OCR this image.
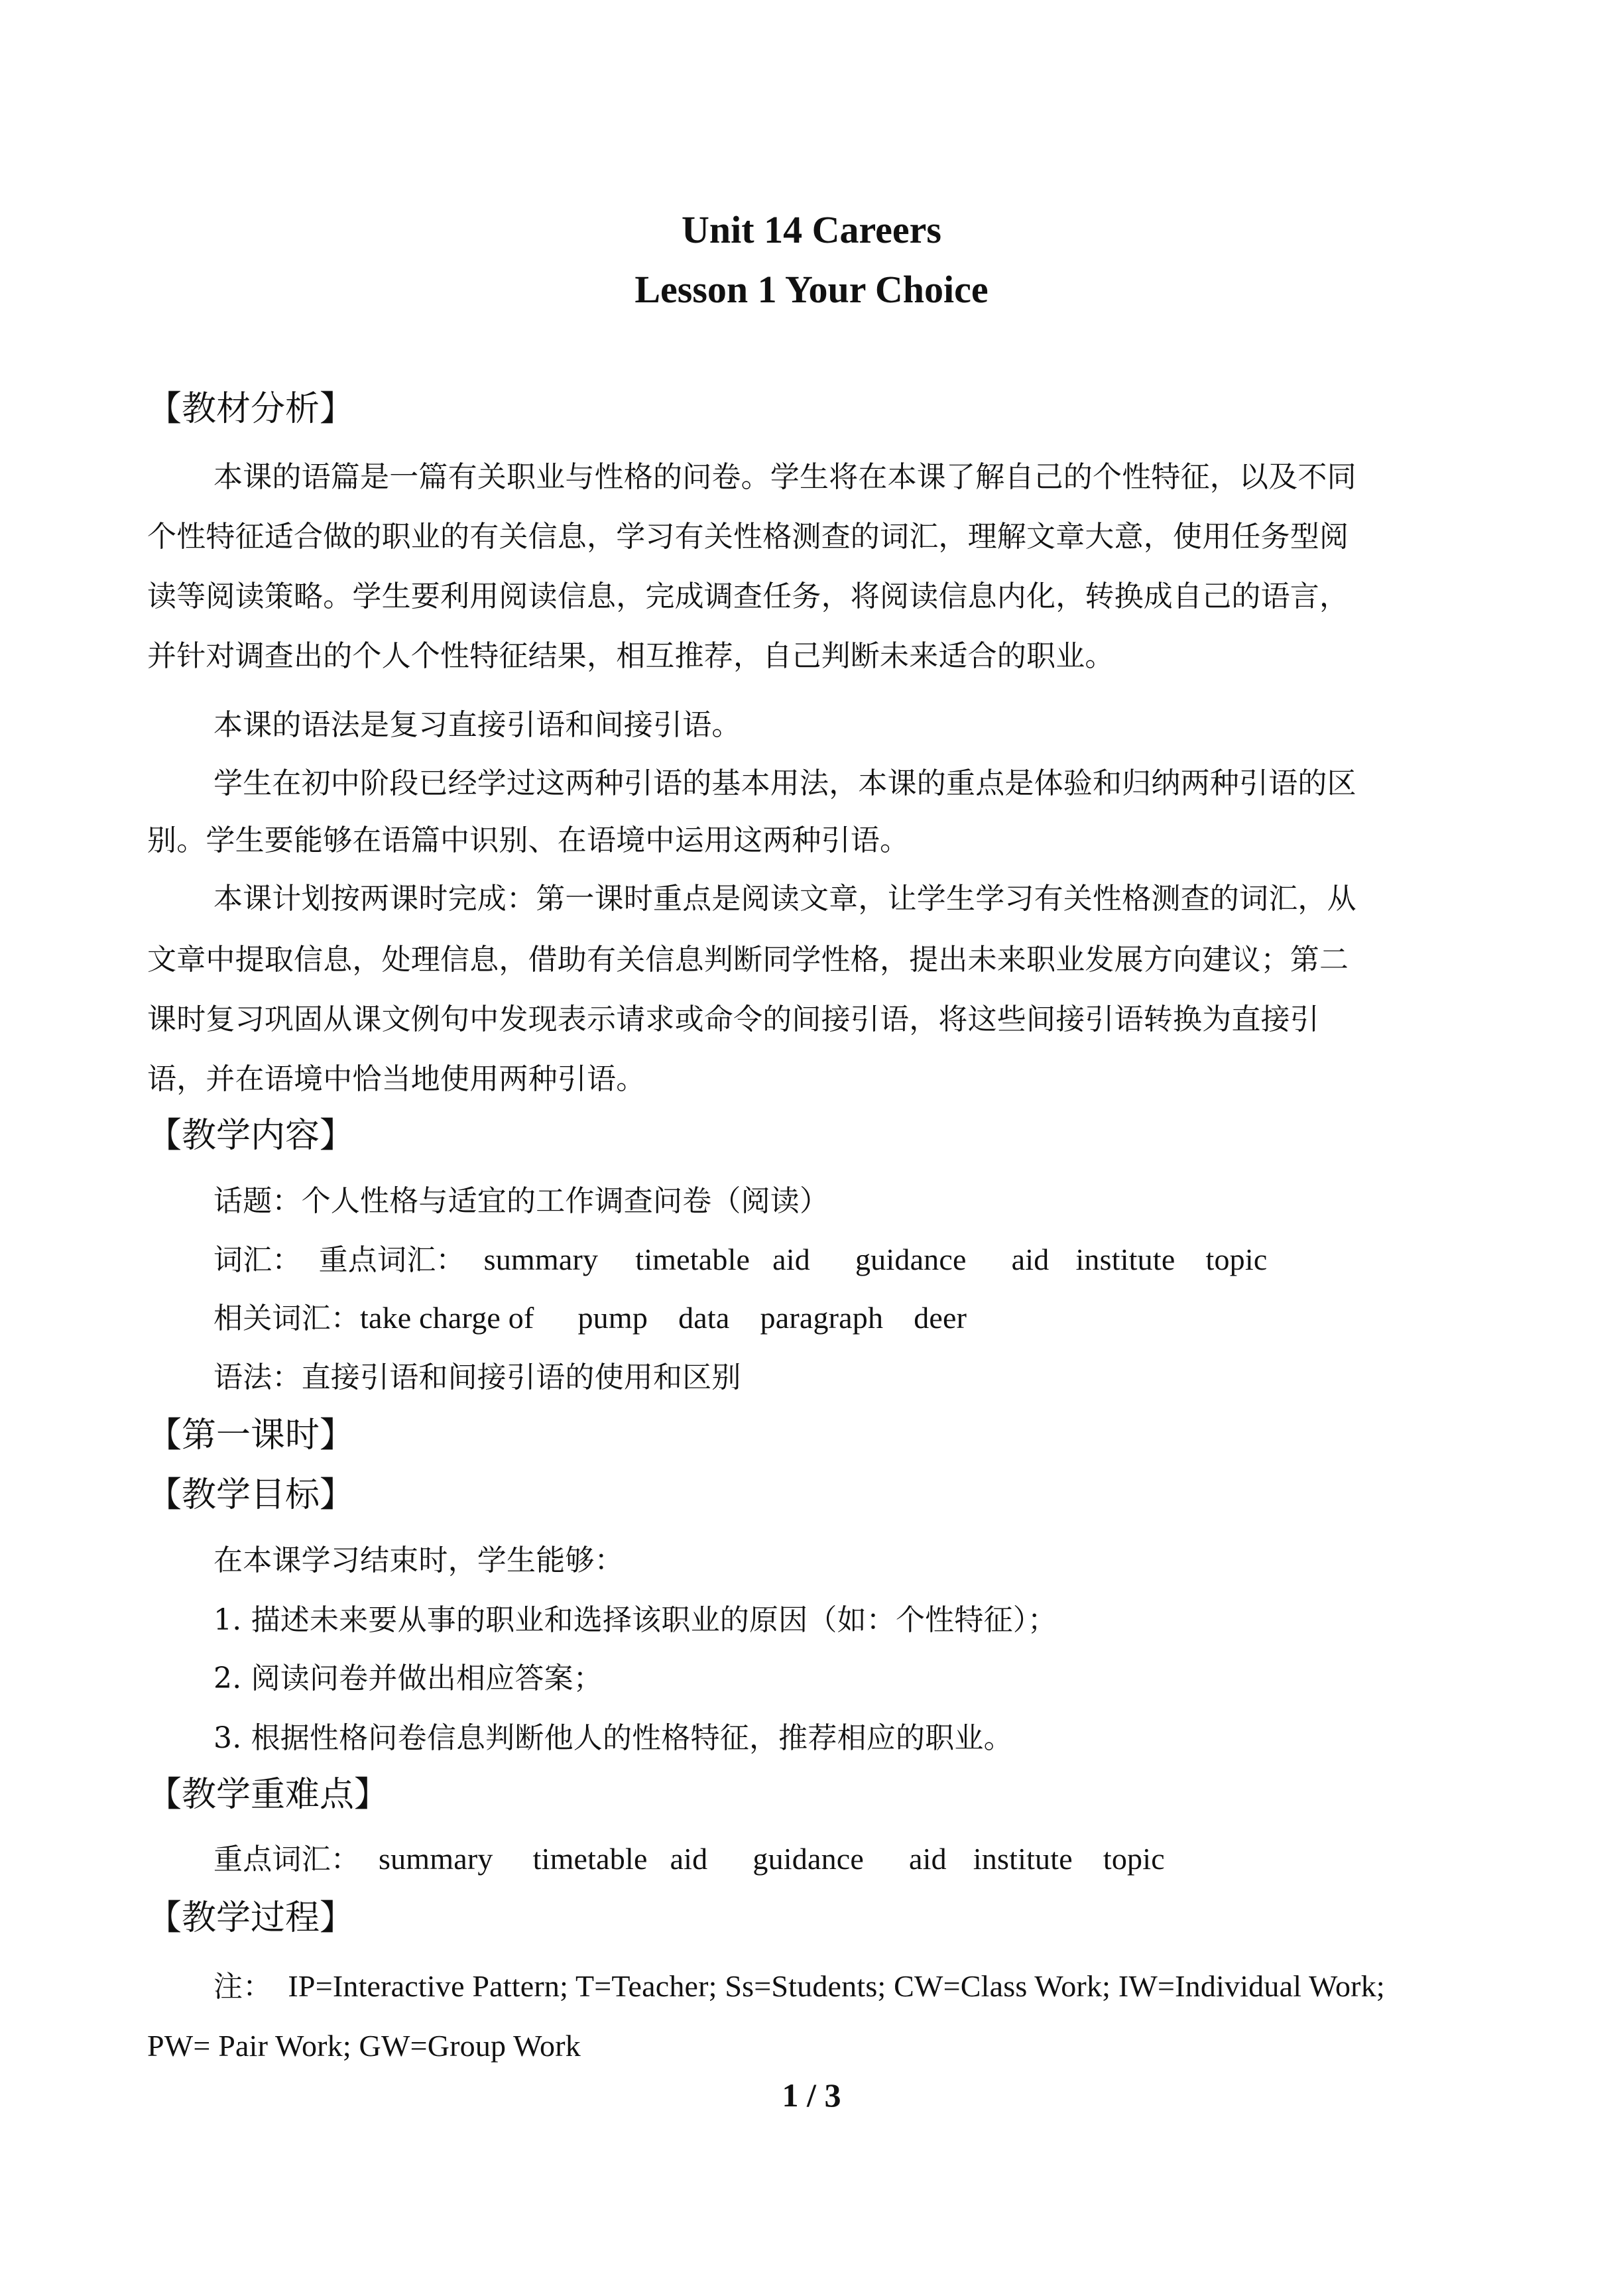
Unit 14 Careers
Lesson 1 Your Choice
【教材分析】

本课的语篇是一篇有关职业与性格的问卷。学生将在本课了解自己的个性特征，以及不同

个性特征适合做的职业的有关信息，学习有关性格测查的词汇，理解文章大意，使用任务型阅

读等阅读策略。学生要利用阅读信息，完成调查任务，将阅读信息内化，转换成自己的语言，

并针对调查出的个人个性特征结果，相互推荐，自己判断未来适合的职业。

本课的语法是复习直接引语和间接引语。

学生在初中阶段已经学过这两种引语的基本用法，本课的重点是体验和归纳两种引语的区

别。学生要能够在语篇中识别、在语境中运用这两种引语。

本课计划按两课时完成：第一课时重点是阅读文章，让学生学习有关性格测查的词汇，从

文章中提取信息，处理信息，借助有关信息判断同学性格，提出未来职业发展方向建议；第二

课时复习巩固从课文例句中发现表示请求或命令的间接引语，将这些间接引语转换为直接引

语，并在语境中恰当地使用两种引语。

【教学内容】

话题：个人性格与适宜的工作调查问卷（阅读）

词汇： 重点词汇： summary timetable aid guidance aid institute topic

相关词汇：take charge of pump data paragraph deer

语法：直接引语和间接引语的使用和区别

【第一课时】
【教学目标】

在本课学习结束时，学生能够：

1. 描述未来要从事的职业和选择该职业的原因（如：个性特征）；

2. 阅读问卷并做出相应答案；

3. 根据性格问卷信息判断他人的性格特征，推荐相应的职业。

【教学重难点】

重点词汇： summary timetable aid guidance aid institute topic

【教学过程】

注： IP=Interactive Pattern; T=Teacher; Ss=Students; CW=Class Work; IW=Individual Work;

PW= Pair Work; GW=Group Work

1 / 3
